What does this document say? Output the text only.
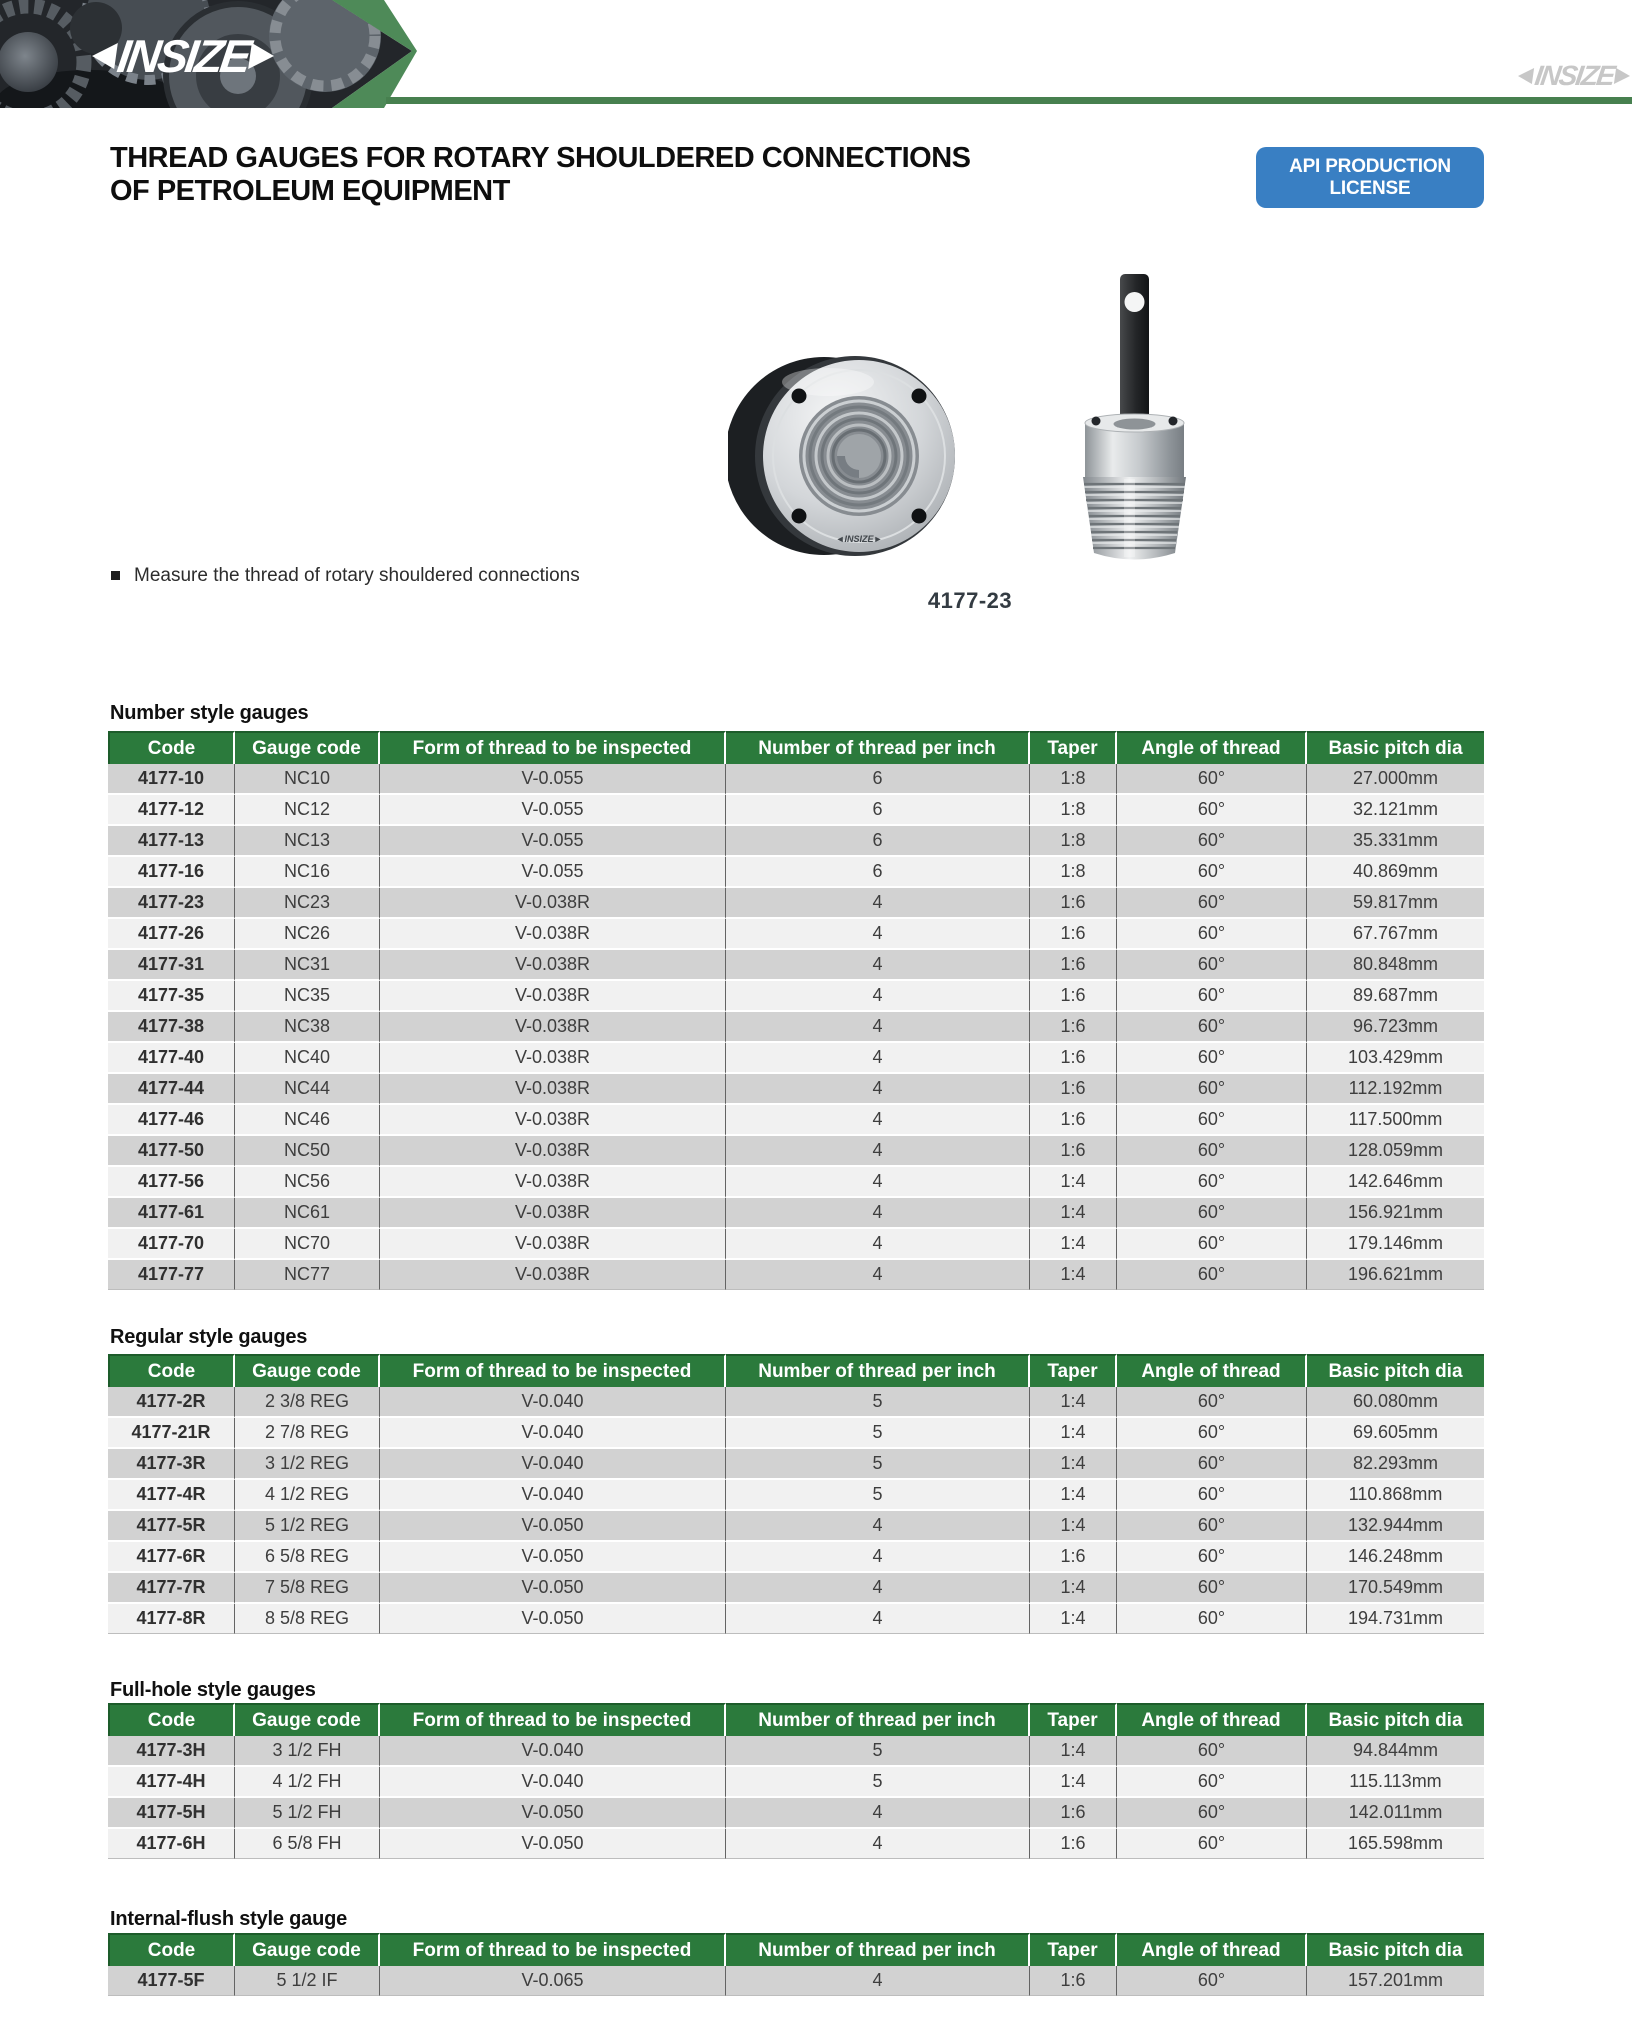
INSIZE	INSIZE
THREAD GAUGES FOR ROTARY SHOULDERED CONNECTIONS
OF PETROLEUM EQUIPMENT
API PRODUCTION LICENSE
◄INSIZE►
4177-23
Measure the thread of rotary shouldered connections
Number style gauges
Code	Gauge code	Form of thread to be inspected	Number of thread per inch	Taper	Angle of thread	Basic pitch dia
4177-10	NC10	V-0.055	6	1:8	60°	27.000mm
4177-12	NC12	V-0.055	6	1:8	60°	32.121mm
4177-13	NC13	V-0.055	6	1:8	60°	35.331mm
4177-16	NC16	V-0.055	6	1:8	60°	40.869mm
4177-23	NC23	V-0.038R	4	1:6	60°	59.817mm
4177-26	NC26	V-0.038R	4	1:6	60°	67.767mm
4177-31	NC31	V-0.038R	4	1:6	60°	80.848mm
4177-35	NC35	V-0.038R	4	1:6	60°	89.687mm
4177-38	NC38	V-0.038R	4	1:6	60°	96.723mm
4177-40	NC40	V-0.038R	4	1:6	60°	103.429mm
4177-44	NC44	V-0.038R	4	1:6	60°	112.192mm
4177-46	NC46	V-0.038R	4	1:6	60°	117.500mm
4177-50	NC50	V-0.038R	4	1:6	60°	128.059mm
4177-56	NC56	V-0.038R	4	1:4	60°	142.646mm
4177-61	NC61	V-0.038R	4	1:4	60°	156.921mm
4177-70	NC70	V-0.038R	4	1:4	60°	179.146mm
4177-77	NC77	V-0.038R	4	1:4	60°	196.621mm
Regular style gauges
Code	Gauge code	Form of thread to be inspected	Number of thread per inch	Taper	Angle of thread	Basic pitch dia
4177-2R	2 3/8 REG	V-0.040	5	1:4	60°	60.080mm
4177-21R	2 7/8 REG	V-0.040	5	1:4	60°	69.605mm
4177-3R	3 1/2 REG	V-0.040	5	1:4	60°	82.293mm
4177-4R	4 1/2 REG	V-0.040	5	1:4	60°	110.868mm
4177-5R	5 1/2 REG	V-0.050	4	1:4	60°	132.944mm
4177-6R	6 5/8 REG	V-0.050	4	1:6	60°	146.248mm
4177-7R	7 5/8 REG	V-0.050	4	1:4	60°	170.549mm
4177-8R	8 5/8 REG	V-0.050	4	1:4	60°	194.731mm
Full-hole style gauges
Code	Gauge code	Form of thread to be inspected	Number of thread per inch	Taper	Angle of thread	Basic pitch dia
4177-3H	3 1/2 FH	V-0.040	5	1:4	60°	94.844mm
4177-4H	4 1/2 FH	V-0.040	5	1:4	60°	115.113mm
4177-5H	5 1/2 FH	V-0.050	4	1:6	60°	142.011mm
4177-6H	6 5/8 FH	V-0.050	4	1:6	60°	165.598mm
Internal-flush style gauge
Code	Gauge code	Form of thread to be inspected	Number of thread per inch	Taper	Angle of thread	Basic pitch dia
4177-5F	5 1/2 IF	V-0.065	4	1:6	60°	157.201mm
